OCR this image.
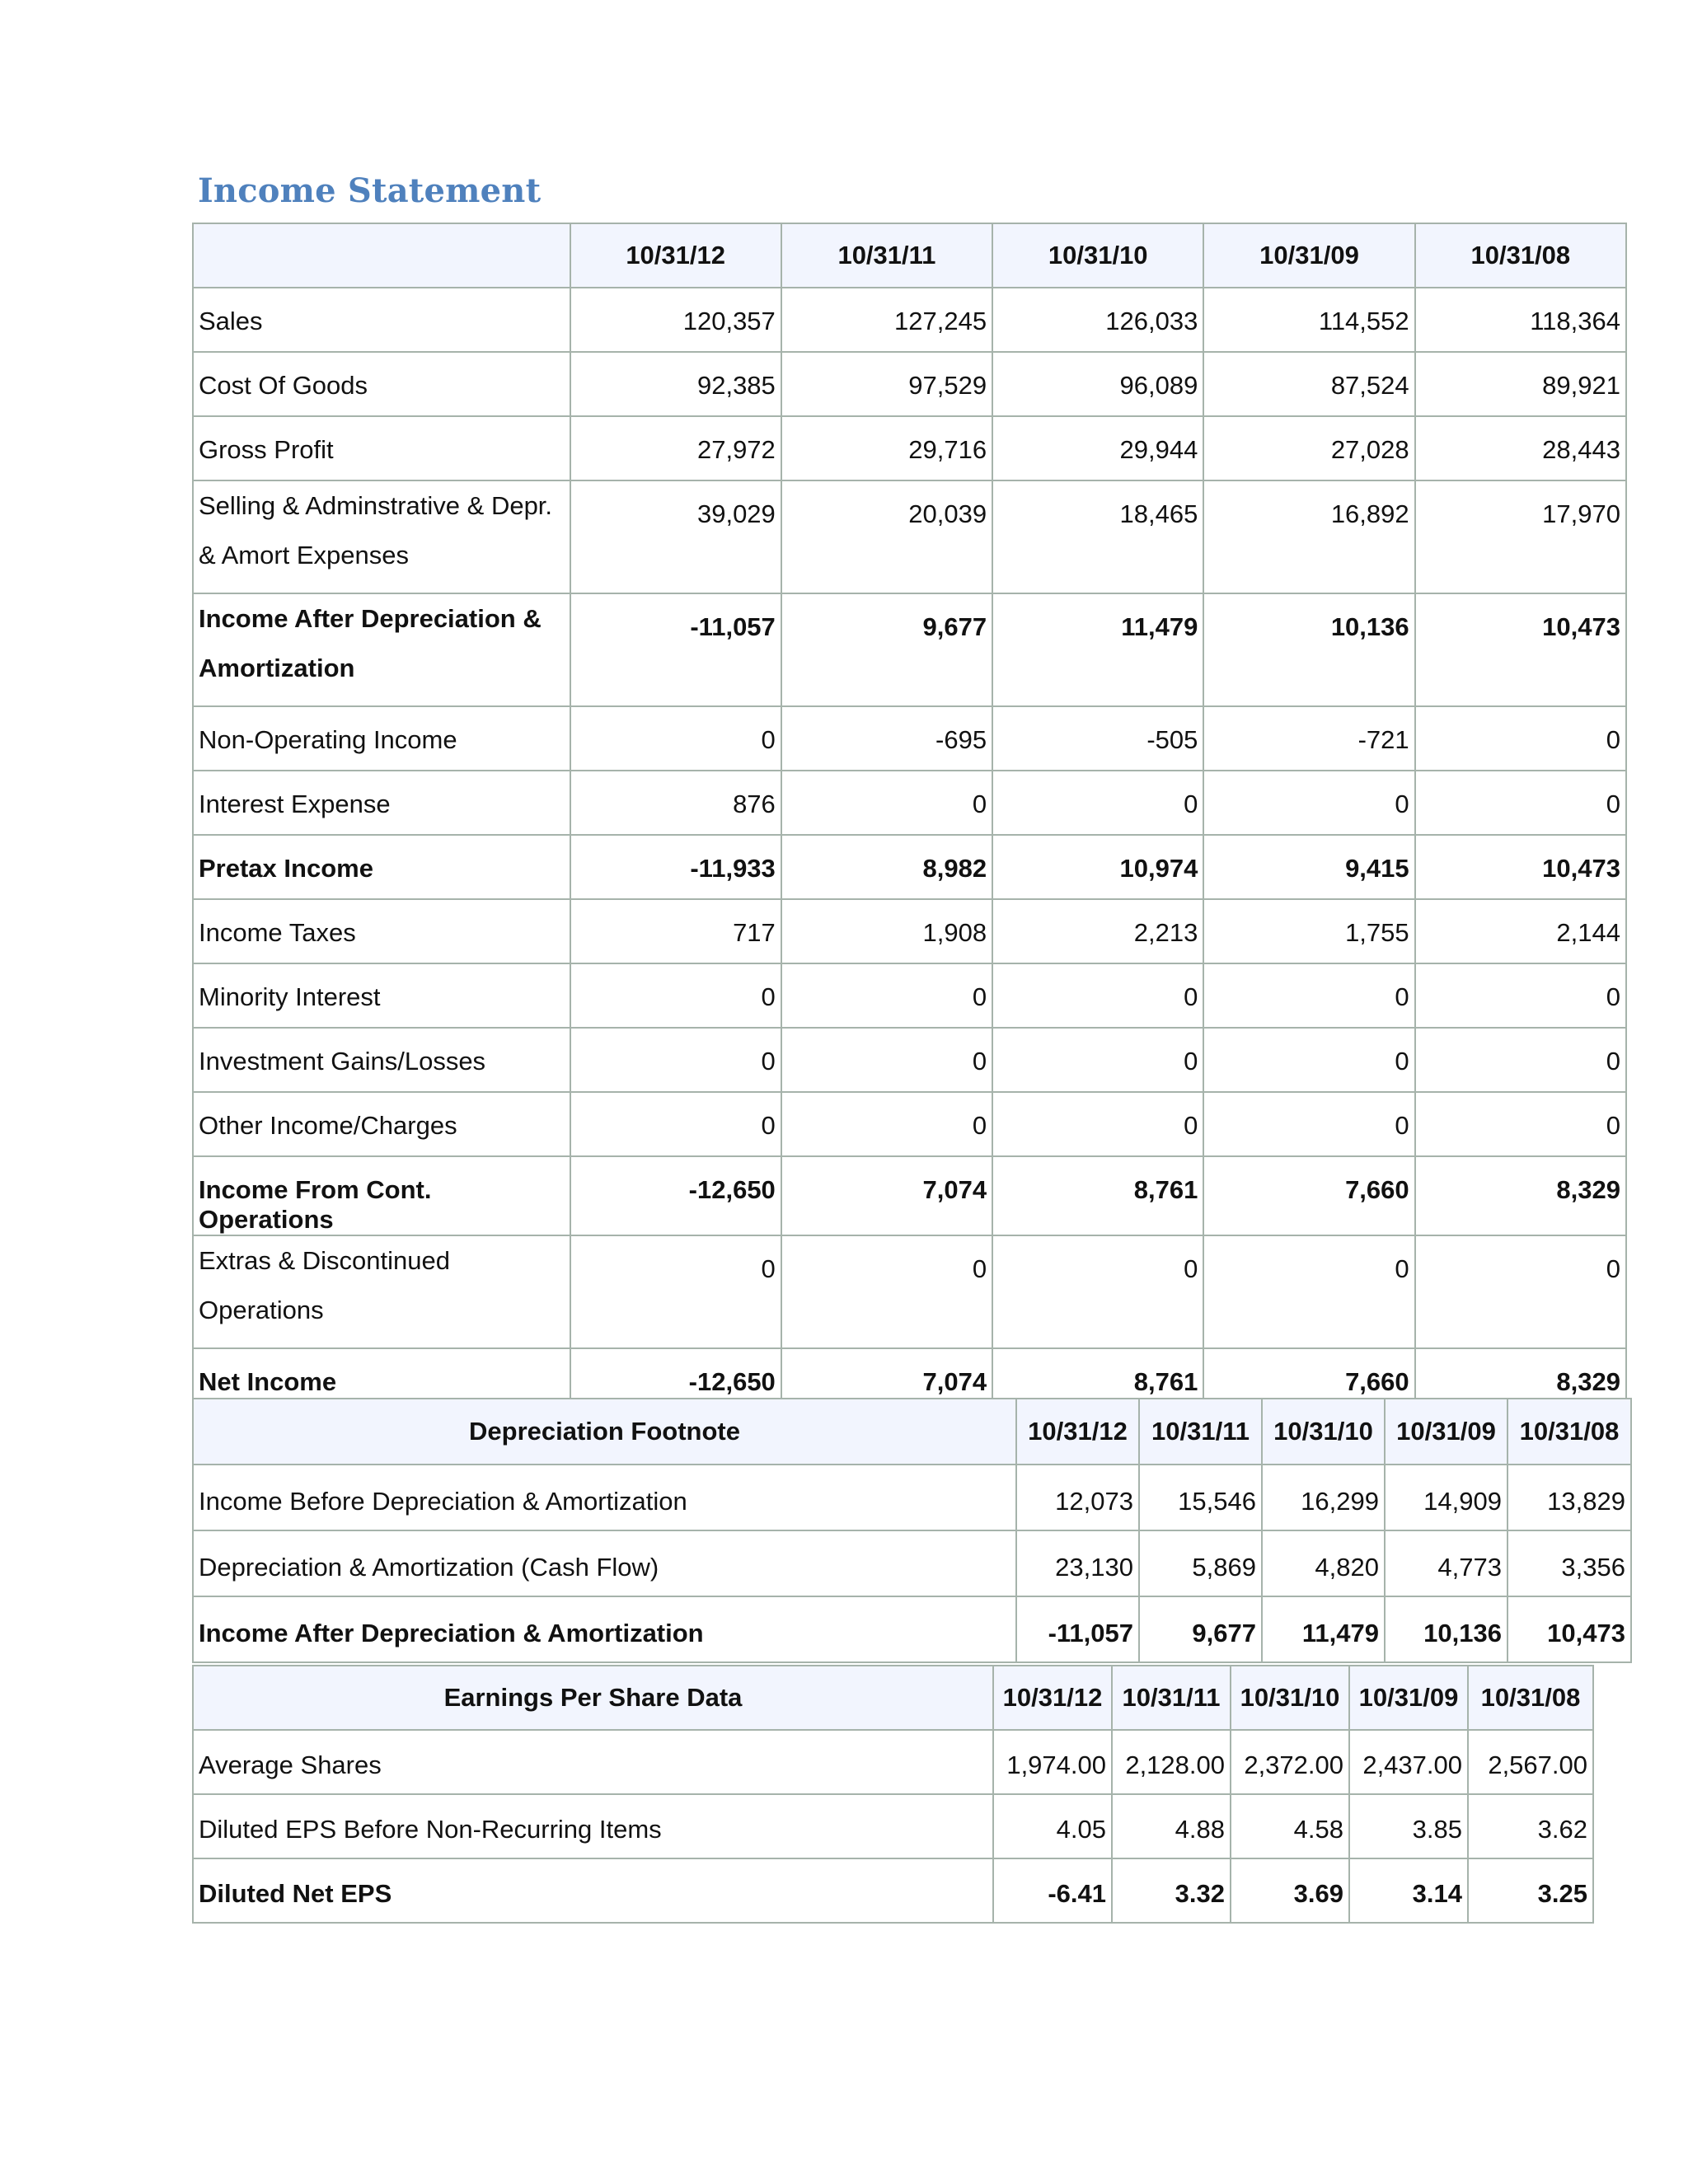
Income Statement
	10/31/12	10/31/11	10/31/10	10/31/09	10/31/08
Sales	120,357	127,245	126,033	114,552	118,364
Cost Of Goods	92,385	97,529	96,089	87,524	89,921
Gross Profit	27,972	29,716	29,944	27,028	28,443
Selling & Adminstrative & Depr. & Amort Expenses	39,029	20,039	18,465	16,892	17,970
Income After Depreciation & Amortization	-11,057	9,677	11,479	10,136	10,473
Non-Operating Income	0	-695	-505	-721	0
Interest Expense	876	0	0	0	0
Pretax Income	-11,933	8,982	10,974	9,415	10,473
Income Taxes	717	1,908	2,213	1,755	2,144
Minority Interest	0	0	0	0	0
Investment Gains/Losses	0	0	0	0	0
Other Income/Charges	0	0	0	0	0
Income From Cont. Operations	-12,650	7,074	8,761	7,660	8,329
Extras & Discontinued Operations	0	0	0	0	0
Net Income	-12,650	7,074	8,761	7,660	8,329
Depreciation Footnote	10/31/12	10/31/11	10/31/10	10/31/09	10/31/08
Income Before Depreciation & Amortization	12,073	15,546	16,299	14,909	13,829
Depreciation & Amortization (Cash Flow)	23,130	5,869	4,820	4,773	3,356
Income After Depreciation & Amortization	-11,057	9,677	11,479	10,136	10,473
Earnings Per Share Data	10/31/12	10/31/11	10/31/10	10/31/09	10/31/08
Average Shares	1,974.00	2,128.00	2,372.00	2,437.00	2,567.00
Diluted EPS Before Non-Recurring Items	4.05	4.88	4.58	3.85	3.62
Diluted Net EPS	-6.41	3.32	3.69	3.14	3.25
